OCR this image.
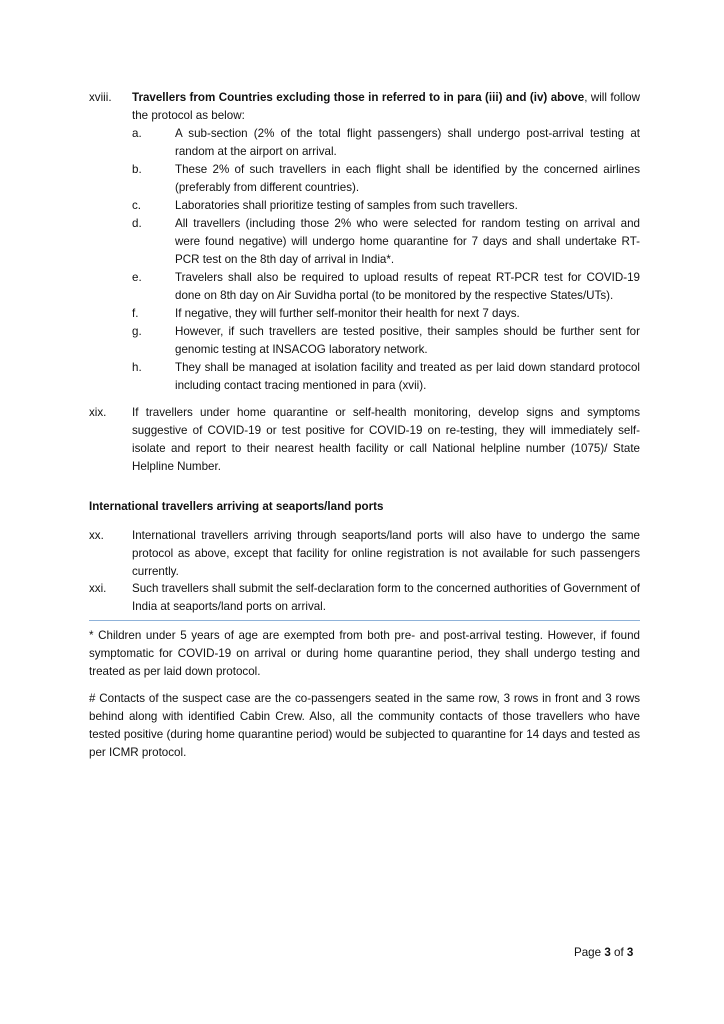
xviii. Travellers from Countries excluding those in referred to in para (iii) and (iv) above, will follow the protocol as below:
a.	A sub-section (2% of the total flight passengers) shall undergo post-arrival testing at random at the airport on arrival.
b.	These 2% of such travellers in each flight shall be identified by the concerned airlines (preferably from different countries).
c.	Laboratories shall prioritize testing of samples from such travellers.
d.	All travellers (including those 2% who were selected for random testing on arrival and were found negative) will undergo home quarantine for 7 days and shall undertake RT-PCR test on the 8th day of arrival in India*.
e.	Travelers shall also be required to upload results of repeat RT-PCR test for COVID-19 done on 8th day on Air Suvidha portal (to be monitored by the respective States/UTs).
f.	If negative, they will further self-monitor their health for next 7 days.
g.	However, if such travellers are tested positive, their samples should be further sent for genomic testing at INSACOG laboratory network.
h.	They shall be managed at isolation facility and treated as per laid down standard protocol including contact tracing mentioned in para (xvii).
xix. If travellers under home quarantine or self-health monitoring, develop signs and symptoms suggestive of COVID-19 or test positive for COVID-19 on re-testing, they will immediately self-isolate and report to their nearest health facility or call National helpline number (1075)/ State Helpline Number.
International travellers arriving at seaports/land ports
xx. International travellers arriving through seaports/land ports will also have to undergo the same protocol as above, except that facility for online registration is not available for such passengers currently.
xxi. Such travellers shall submit the self-declaration form to the concerned authorities of Government of India at seaports/land ports on arrival.
* Children under 5 years of age are exempted from both pre- and post-arrival testing. However, if found symptomatic for COVID-19 on arrival or during home quarantine period, they shall undergo testing and treated as per laid down protocol.
# Contacts of the suspect case are the co-passengers seated in the same row, 3 rows in front and 3 rows behind along with identified Cabin Crew. Also, all the community contacts of those travellers who have tested positive (during home quarantine period) would be subjected to quarantine for 14 days and tested as per ICMR protocol.
Page 3 of 3
